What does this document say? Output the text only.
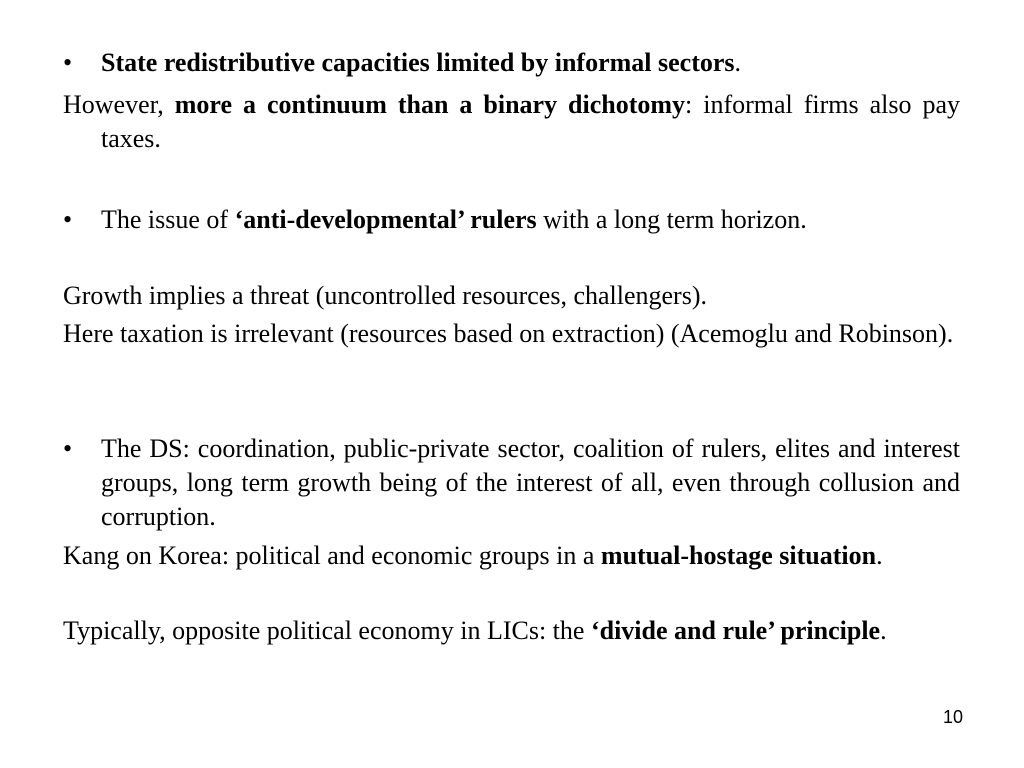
• State redistributive capacities limited by informal sectors.
However, more a continuum than a binary dichotomy: informal firms also pay taxes.
• The issue of ‘anti-developmental’ rulers with a long term horizon.
Growth implies a threat (uncontrolled resources, challengers).
Here taxation is irrelevant (resources based on extraction) (Acemoglu and Robinson).
• The DS: coordination, public-private sector, coalition of rulers, elites and interest groups, long term growth being of the interest of all, even through collusion and corruption.
Kang on Korea: political and economic groups in a mutual-hostage situation.
Typically, opposite political economy in LICs: the ‘divide and rule’ principle.
10
